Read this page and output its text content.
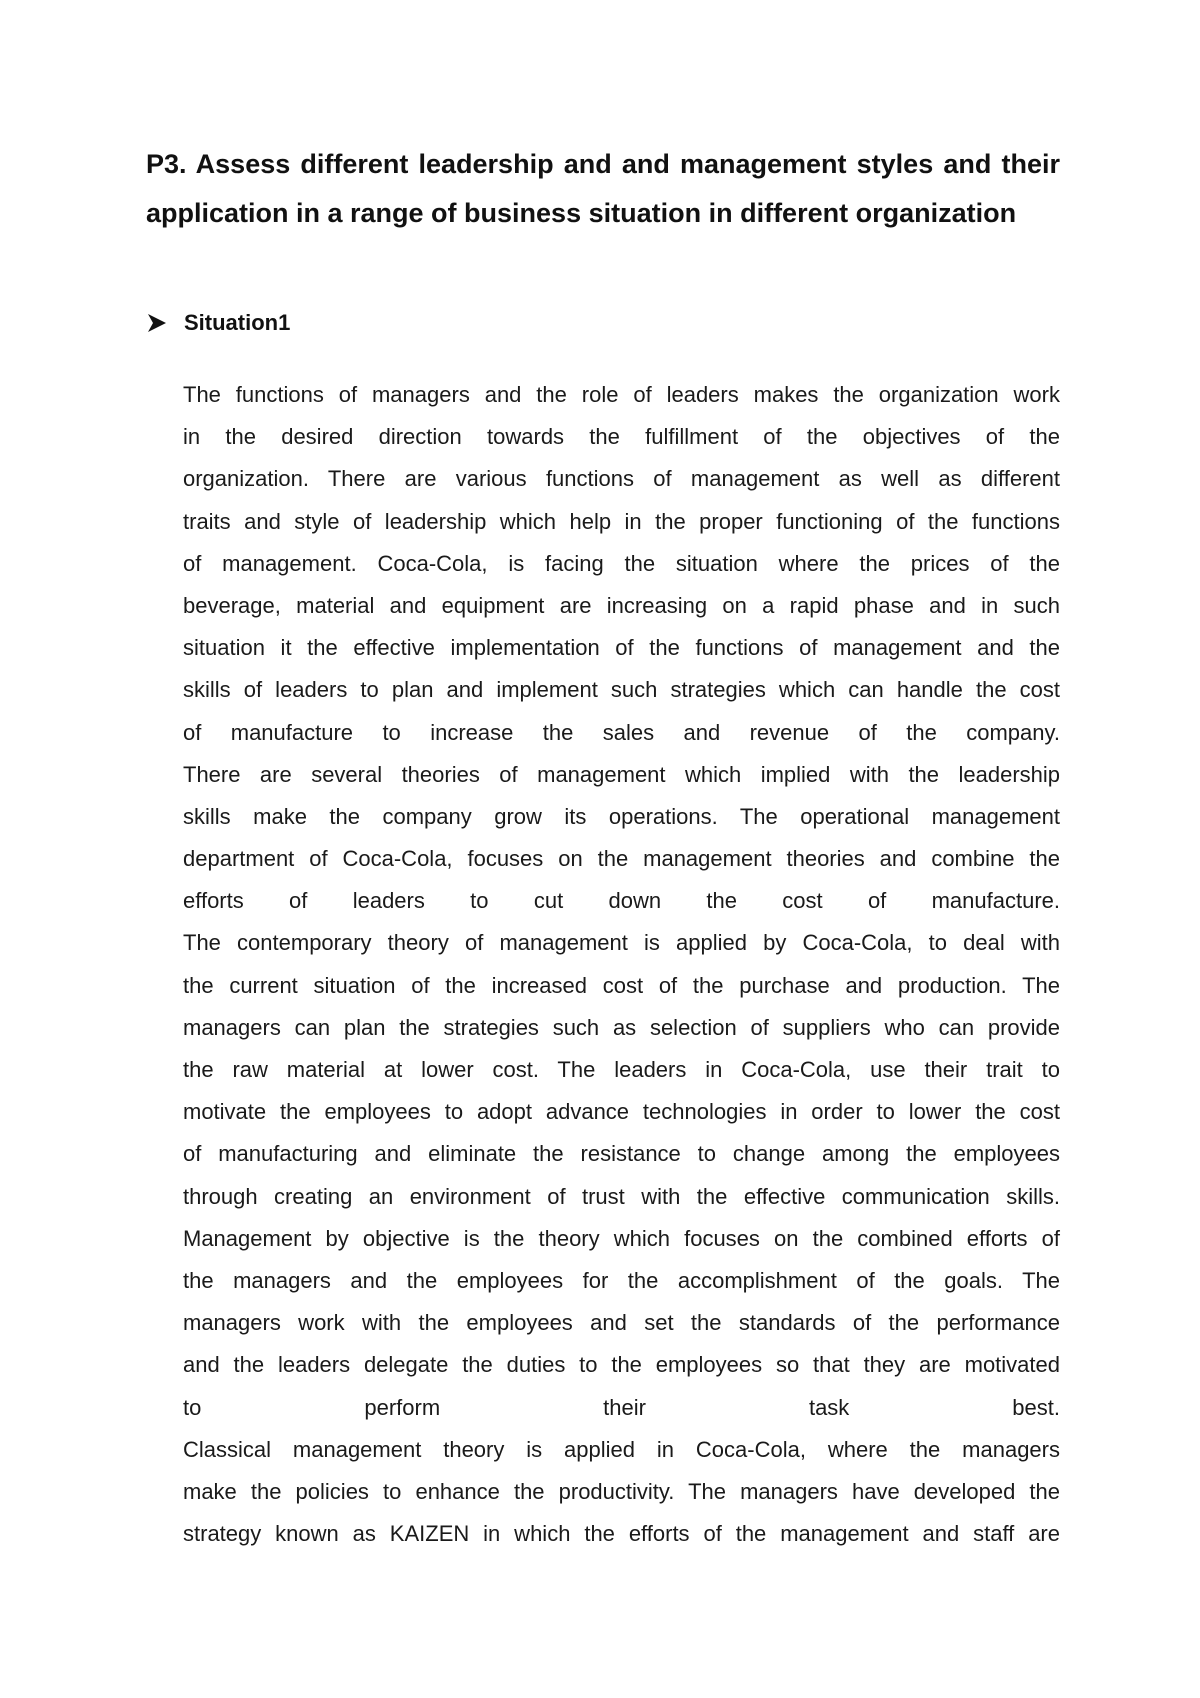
P3. Assess different leadership and and management styles and their application in a range of business situation in different organization
Situation1
The functions of managers and the role of leaders makes the organization work
in the desired direction towards the fulfillment of the objectives of the
organization. There are various functions of management as well as different
traits and style of leadership which help in the proper functioning of the functions
of management. Coca-Cola, is facing the situation where the prices of the
beverage, material and equipment are increasing on a rapid phase and in such
situation it the effective implementation of the functions of management and the
skills of leaders to plan and implement such strategies which can handle the cost
of manufacture to increase the sales and revenue of the company.
There are several theories of management which implied with the leadership
skills make the company grow its operations. The operational management
department of Coca-Cola, focuses on the management theories and combine the
efforts of leaders to cut down the cost of manufacture.
The contemporary theory of management is applied by Coca-Cola, to deal with
the current situation of the increased cost of the purchase and production. The
managers can plan the strategies such as selection of suppliers who can provide
the raw material at lower cost. The leaders in Coca-Cola, use their trait to
motivate the employees to adopt advance technologies in order to lower the cost
of manufacturing and eliminate the resistance to change among the employees
through creating an environment of trust with the effective communication skills.
Management by objective is the theory which focuses on the combined efforts of
the managers and the employees for the accomplishment of the goals. The
managers work with the employees and set the standards of the performance
and the leaders delegate the duties to the employees so that they are motivated
to perform their task best.
Classical management theory is applied in Coca-Cola, where the managers
make the policies to enhance the productivity. The managers have developed the
strategy known as KAIZEN in which the efforts of the management and staff are
